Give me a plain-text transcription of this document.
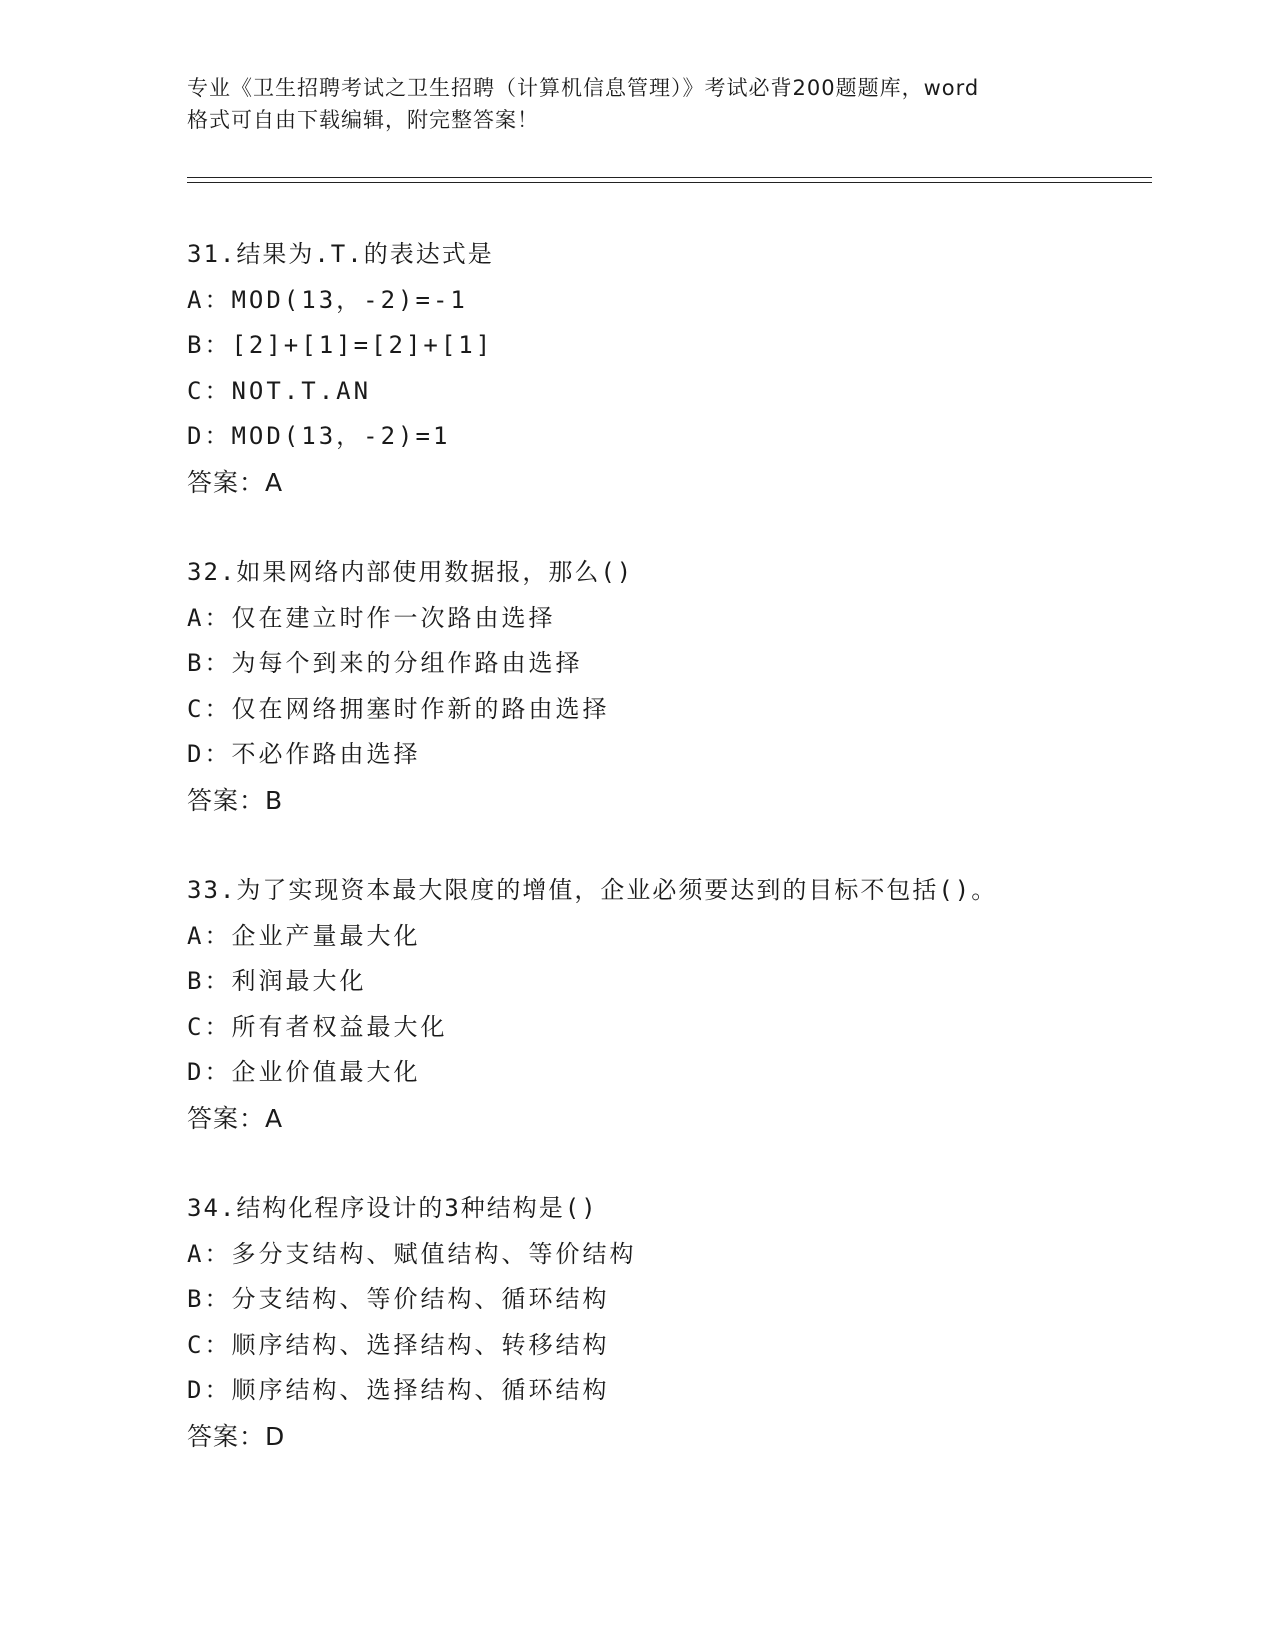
专业《卫生招聘考试之卫生招聘（计算机信息管理）》考试必背200题题库，word
格式可自由下载编辑，附完整答案！
31.结果为.T.的表达式是
A：MOD(13，-2)=-1
B：[2]+[1]=[2]+[1]
C：NOT.T.AN
D：MOD(13，-2)=1
答案：A
32.如果网络内部使用数据报，那么()
A：仅在建立时作一次路由选择
B：为每个到来的分组作路由选择
C：仅在网络拥塞时作新的路由选择
D：不必作路由选择
答案：B
33.为了实现资本最大限度的增值，企业必须要达到的目标不包括()。
A：企业产量最大化
B：利润最大化
C：所有者权益最大化
D：企业价值最大化
答案：A
34.结构化程序设计的3种结构是()
A：多分支结构、赋值结构、等价结构
B：分支结构、等价结构、循环结构
C：顺序结构、选择结构、转移结构
D：顺序结构、选择结构、循环结构
答案：D
